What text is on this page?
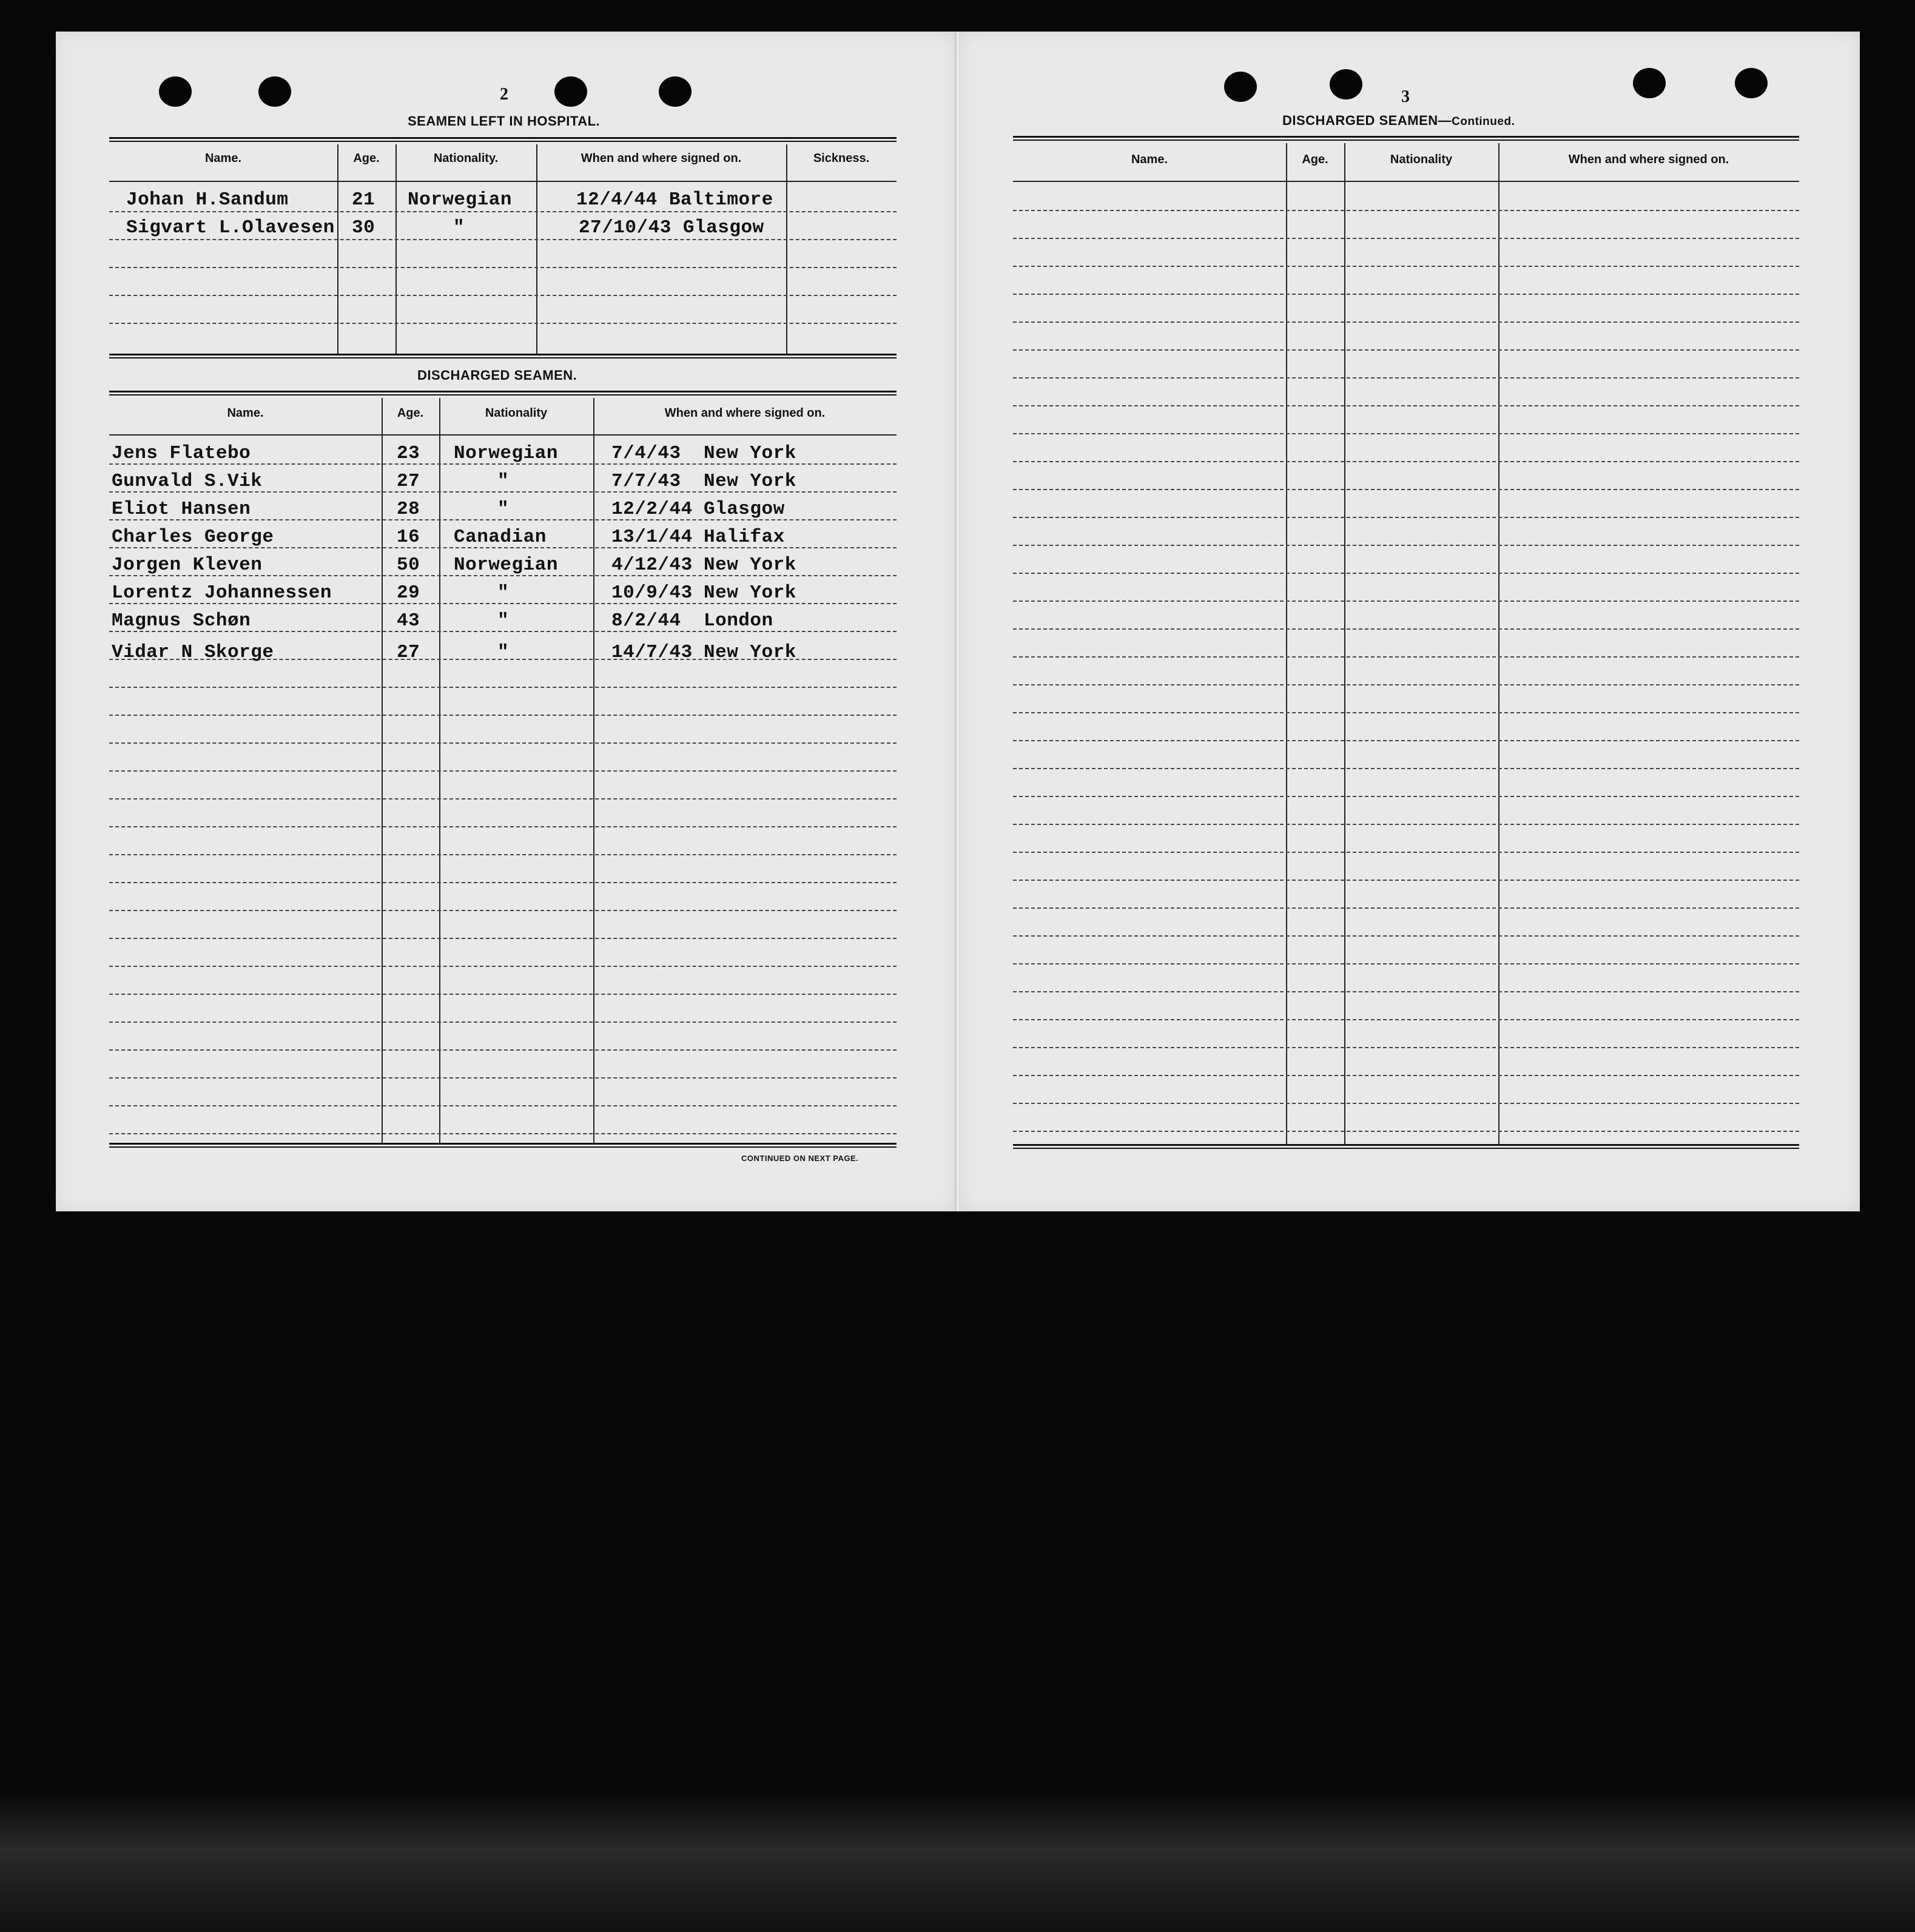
2
SEAMEN LEFT IN HOSPITAL.
Name.	Age.	Nationality.	When and where signed on.	Sickness.
Johan H.Sandum	21 Norwegian	12/4/44 Baltimore
Sigvart L.Olavesen 30	"	27/10/43 Glasgow
DISCHARGED SEAMEN.
Name.	Age.	Nationality	When and where signed on.
Jens Flatebo	23 Norwegian	7/4/43 New York
Gunvald S.Vik	27	"	7/7/43 New York
Eliot Hansen	28	"	12/2/44 Glasgow
Charles George	16 Canadian	13/1/44 Halifax
Jorgen Kleven	50 Norwegian	4/12/43 New York
Lorentz Johannessen	29	"	10/9/43 New York
Magnus Schøn	43	"	8/2/44 London
Vidar N Skorge	27	"	14/7/43 New York
CONTINUED ON NEXT PAGE.
3
DISCHARGED SEAMEN—Continued.
Name.	Age.	Nationality	When and where signed on.
